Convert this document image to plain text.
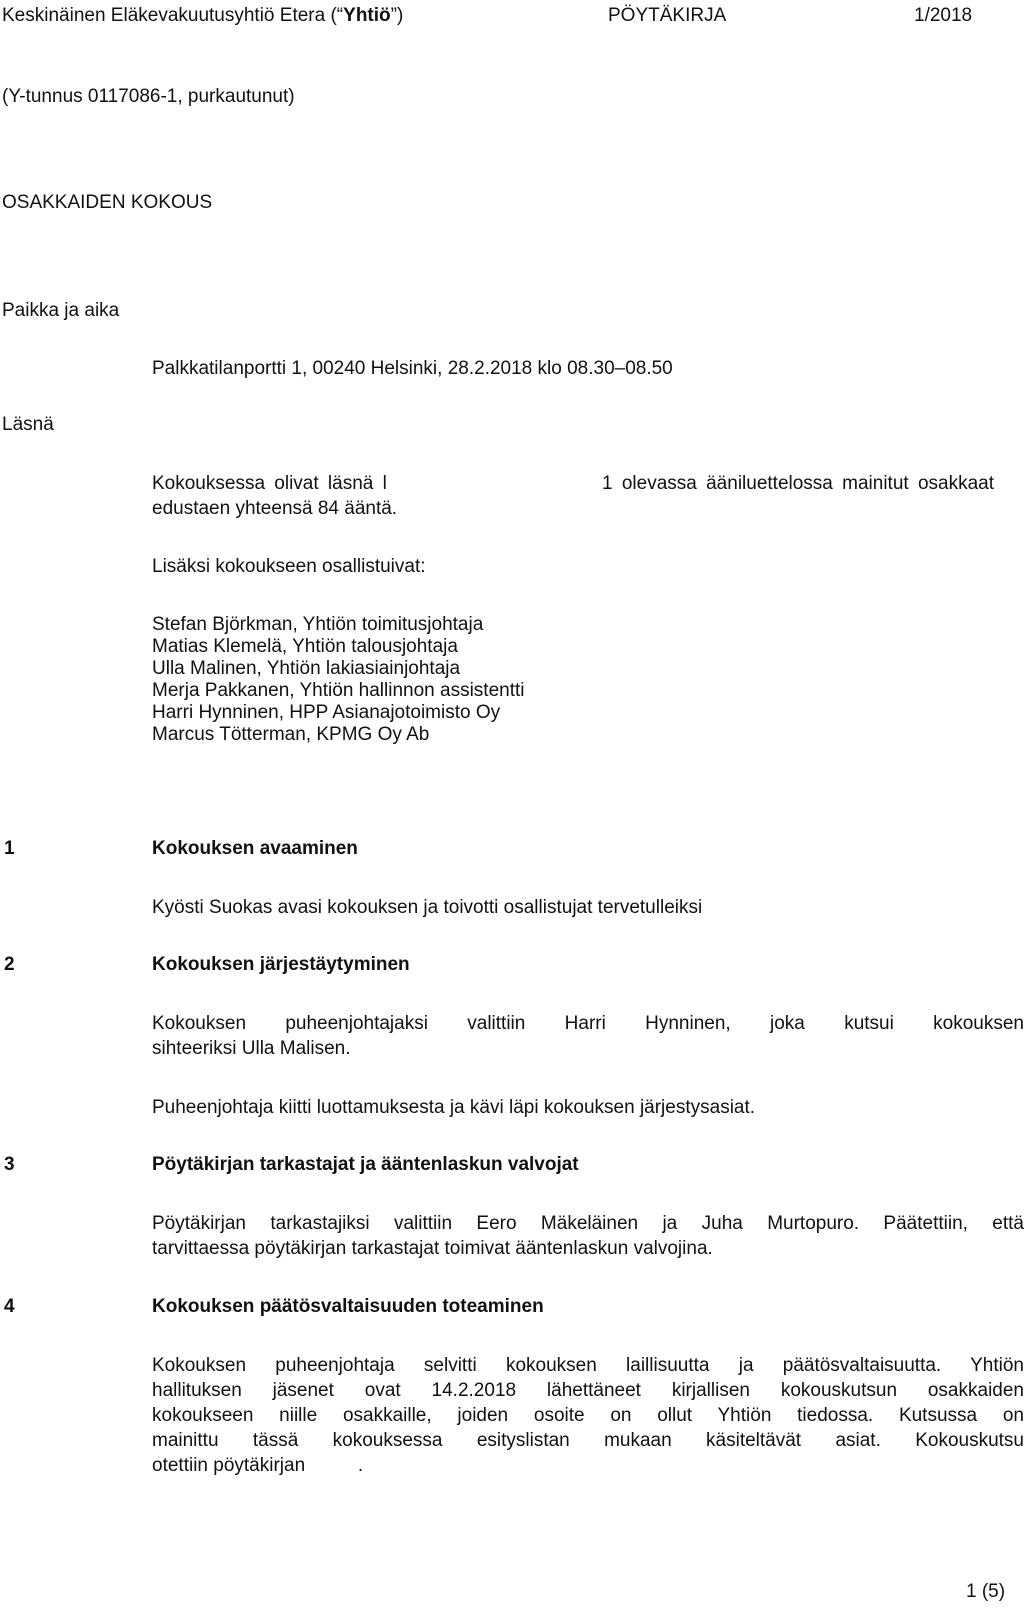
Keskinäinen Eläkevakuutusyhtiö Etera (“Yhtiö”)	PÖYTÄKIRJA	1/2018
(Y-tunnus 0117086-1, purkautunut)
OSAKKAIDEN KOKOUS
Paikka ja aika
Palkkatilanportti 1, 00240 Helsinki, 28.2.2018 klo 08.30–08.50
Läsnä
Kokouksessa olivat läsnä l	1 olevassa ääniluettelossa mainitut osakkaat
edustaen yhteensä 84 ääntä.
Lisäksi kokoukseen osallistuivat:
Stefan Björkman, Yhtiön toimitusjohtaja
Matias Klemelä, Yhtiön talousjohtaja
Ulla Malinen, Yhtiön lakiasiainjohtaja
Merja Pakkanen, Yhtiön hallinnon assistentti
Harri Hynninen, HPP Asianajotoimisto Oy
Marcus Tötterman, KPMG Oy Ab
1	Kokouksen avaaminen
Kyösti Suokas avasi kokouksen ja toivotti osallistujat tervetulleiksi
2	Kokouksen järjestäytyminen
Kokouksen puheenjohtajaksi valittiin Harri Hynninen, joka kutsui kokouksen
sihteeriksi Ulla Malisen.
Puheenjohtaja kiitti luottamuksesta ja kävi läpi kokouksen järjestysasiat.
3	Pöytäkirjan tarkastajat ja ääntenlaskun valvojat
Pöytäkirjan tarkastajiksi valittiin Eero Mäkeläinen ja Juha Murtopuro. Päätettiin, että
tarvittaessa pöytäkirjan tarkastajat toimivat ääntenlaskun valvojina.
4	Kokouksen päätösvaltaisuuden toteaminen
Kokouksen puheenjohtaja selvitti kokouksen laillisuutta ja päätösvaltaisuutta. Yhtiön
hallituksen jäsenet ovat 14.2.2018 lähettäneet kirjallisen kokouskutsun osakkaiden
kokoukseen niille osakkaille, joiden osoite on ollut Yhtiön tiedossa. Kutsussa on
mainittu tässä kokouksessa esityslistan mukaan käsiteltävät asiat. Kokouskutsu
otettiin pöytäkirjan          .
1 (5)
